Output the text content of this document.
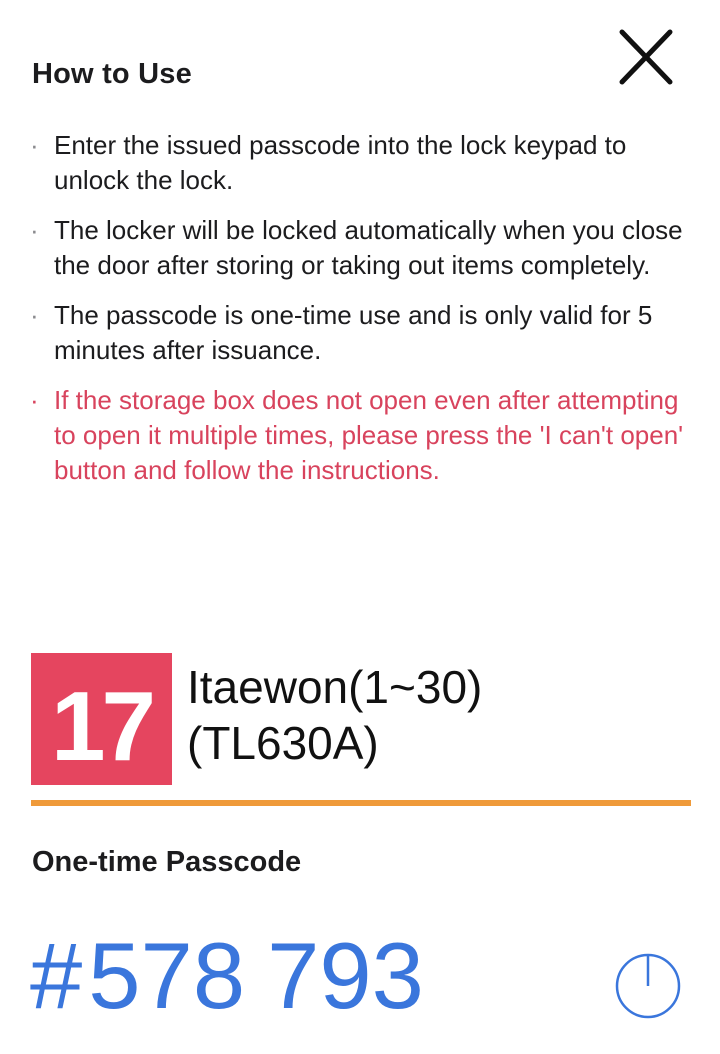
How to Use
· Enter the issued passcode into the lock keypad to unlock the lock.
· The locker will be locked automatically when you close the door after storing or taking out items completely.
· The passcode is one-time use and is only valid for 5 minutes after issuance.
· If the storage box does not open even after attempting to open it multiple times, please press the 'I can't open' button and follow the instructions.
17 Itaewon(1~30)
(TL630A)
One-time Passcode
#578 793
